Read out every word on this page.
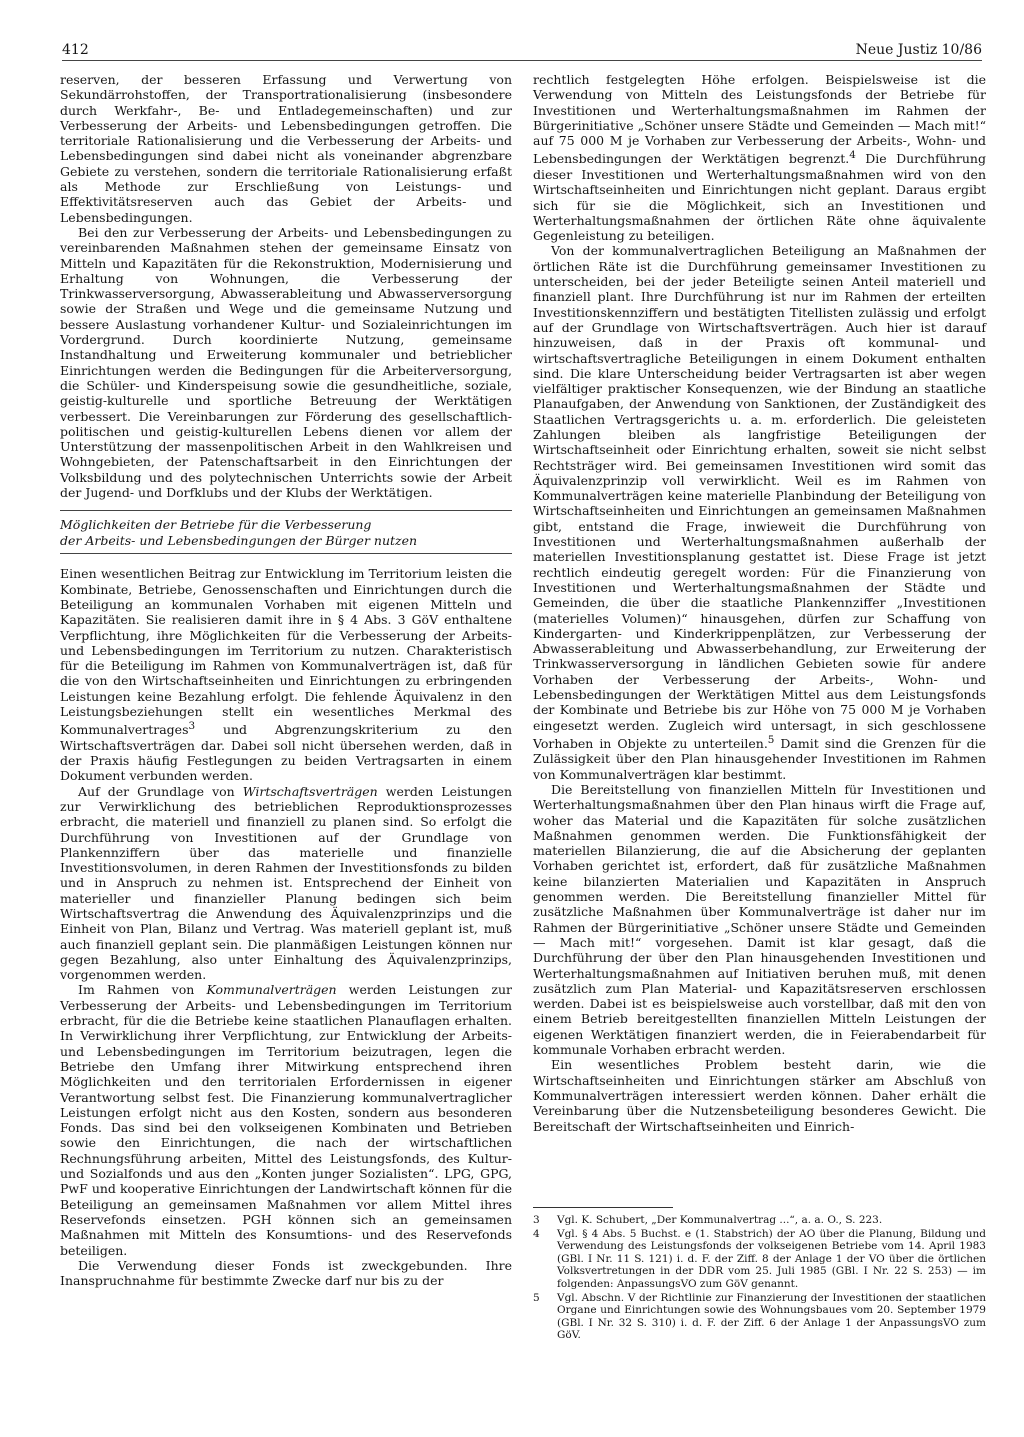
412	Neue Justiz 10/86

reserven, der besseren Erfassung und Verwertung von Sekundärrohstoffen, der Transportrationalisierung (insbesondere durch Werkfahr-, Be- und Entladegemeinschaften) und zur Verbesserung der Arbeits- und Lebensbedingungen getroffen. Die territoriale Rationalisierung und die Verbesserung der Arbeits- und Lebensbedingungen sind dabei nicht als voneinander abgrenzbare Gebiete zu verstehen, sondern die territoriale Rationalisierung erfaßt als Methode zur Erschließung von Leistungs- und Effektivitätsreserven auch das Gebiet der Arbeits- und Lebensbedingungen.

Bei den zur Verbesserung der Arbeits- und Lebensbedingungen zu vereinbarenden Maßnahmen stehen der gemeinsame Einsatz von Mitteln und Kapazitäten für die Rekonstruktion, Modernisierung und Erhaltung von Wohnungen, die Verbesserung der Trinkwasserversorgung, Abwasserableitung und Abwasserversorgung sowie der Straßen und Wege und die gemeinsame Nutzung und bessere Auslastung vorhandener Kultur- und Sozialeinrichtungen im Vordergrund. Durch koordinierte Nutzung, gemeinsame Instandhaltung und Erweiterung kommunaler und betrieblicher Einrichtungen werden die Bedingungen für die Arbeiterversorgung, die Schüler- und Kinderspeisung sowie die gesundheitliche, soziale, geistig-kulturelle und sportliche Betreuung der Werktätigen verbessert. Die Vereinbarungen zur Förderung des gesellschaftlich-politischen und geistig-kulturellen Lebens dienen vor allem der Unterstützung der massenpolitischen Arbeit in den Wahlkreisen und Wohngebieten, der Patenschaftsarbeit in den Einrichtungen der Volksbildung und des polytechnischen Unterrichts sowie der Arbeit der Jugend- und Dorfklubs und der Klubs der Werktätigen.

Möglichkeiten der Betriebe für die Verbesserung
der Arbeits- und Lebensbedingungen der Bürger nutzen

Einen wesentlichen Beitrag zur Entwicklung im Territorium leisten die Kombinate, Betriebe, Genossenschaften und Einrichtungen durch die Beteiligung an kommunalen Vorhaben mit eigenen Mitteln und Kapazitäten. Sie realisieren damit ihre in § 4 Abs. 3 GöV enthaltene Verpflichtung, ihre Möglichkeiten für die Verbesserung der Arbeits- und Lebensbedingungen im Territorium zu nutzen. Charakteristisch für die Beteiligung im Rahmen von Kommunalverträgen ist, daß für die von den Wirtschaftseinheiten und Einrichtungen zu erbringenden Leistungen keine Bezahlung erfolgt. Die fehlende Äquivalenz in den Leistungsbeziehungen stellt ein wesentliches Merkmal des Kommunalvertrages$^3$ und Abgrenzungskriterium zu den Wirtschaftsverträgen dar. Dabei soll nicht übersehen werden, daß in der Praxis häufig Festlegungen zu beiden Vertragsarten in einem Dokument verbunden werden.

Auf der Grundlage von Wirtschaftsverträgen werden Leistungen zur Verwirklichung des betrieblichen Reproduktionsprozesses erbracht, die materiell und finanziell zu planen sind. So erfolgt die Durchführung von Investitionen auf der Grundlage von Plankennziffern über das materielle und finanzielle Investitionsvolumen, in deren Rahmen der Investitionsfonds zu bilden und in Anspruch zu nehmen ist. Entsprechend der Einheit von materieller und finanzieller Planung bedingen sich beim Wirtschaftsvertrag die Anwendung des Äquivalenzprinzips und die Einheit von Plan, Bilanz und Vertrag. Was materiell geplant ist, muß auch finanziell geplant sein. Die planmäßigen Leistungen können nur gegen Bezahlung, also unter Einhaltung des Äquivalenzprinzips, vorgenommen werden.

Im Rahmen von Kommunalverträgen werden Leistungen zur Verbesserung der Arbeits- und Lebensbedingungen im Territorium erbracht, für die die Betriebe keine staatlichen Planauflagen erhalten. In Verwirklichung ihrer Verpflichtung, zur Entwicklung der Arbeits- und Lebensbedingungen im Territorium beizutragen, legen die Betriebe den Umfang ihrer Mitwirkung entsprechend ihren Möglichkeiten und den territorialen Erfordernissen in eigener Verantwortung selbst fest. Die Finanzierung kommunalvertraglicher Leistungen erfolgt nicht aus den Kosten, sondern aus besonderen Fonds. Das sind bei den volkseigenen Kombinaten und Betrieben sowie den Einrichtungen, die nach der wirtschaftlichen Rechnungsführung arbeiten, Mittel des Leistungsfonds, des Kultur- und Sozialfonds und aus den „Konten junger Sozialisten“. LPG, GPG, PwF und kooperative Einrichtungen der Landwirtschaft können für die Beteiligung an gemeinsamen Maßnahmen vor allem Mittel ihres Reservefonds einsetzen. PGH können sich an gemeinsamen Maßnahmen mit Mitteln des Konsumtions- und des Reservefonds beteiligen.

Die Verwendung dieser Fonds ist zweckgebunden. Ihre Inanspruchnahme für bestimmte Zwecke darf nur bis zu der

rechtlich festgelegten Höhe erfolgen. Beispielsweise ist die Verwendung von Mitteln des Leistungsfonds der Betriebe für Investitionen und Werterhaltungsmaßnahmen im Rahmen der Bürgerinitiative „Schöner unsere Städte und Gemeinden — Mach mit!“ auf 75 000 M je Vorhaben zur Verbesserung der Arbeits-, Wohn- und Lebensbedingungen der Werktätigen begrenzt.$^4$ Die Durchführung dieser Investitionen und Werterhaltungsmaßnahmen wird von den Wirtschaftseinheiten und Einrichtungen nicht geplant. Daraus ergibt sich für sie die Möglichkeit, sich an Investitionen und Werterhaltungsmaßnahmen der örtlichen Räte ohne äquivalente Gegenleistung zu beteiligen.

Von der kommunalvertraglichen Beteiligung an Maßnahmen der örtlichen Räte ist die Durchführung gemeinsamer Investitionen zu unterscheiden, bei der jeder Beteiligte seinen Anteil materiell und finanziell plant. Ihre Durchführung ist nur im Rahmen der erteilten Investitionskennziffern und bestätigten Titellisten zulässig und erfolgt auf der Grundlage von Wirtschaftsverträgen. Auch hier ist darauf hinzuweisen, daß in der Praxis oft kommunal- und wirtschaftsvertragliche Beteiligungen in einem Dokument enthalten sind. Die klare Unterscheidung beider Vertragsarten ist aber wegen vielfältiger praktischer Konsequenzen, wie der Bindung an staatliche Planaufgaben, der Anwendung von Sanktionen, der Zuständigkeit des Staatlichen Vertragsgerichts u. a. m. erforderlich. Die geleisteten Zahlungen bleiben als langfristige Beteiligungen der Wirtschaftseinheit oder Einrichtung erhalten, soweit sie nicht selbst Rechtsträger wird. Bei gemeinsamen Investitionen wird somit das Äquivalenzprinzip voll verwirklicht. Weil es im Rahmen von Kommunalverträgen keine materielle Planbindung der Beteiligung von Wirtschaftseinheiten und Einrichtungen an gemeinsamen Maßnahmen gibt, entstand die Frage, inwieweit die Durchführung von Investitionen und Werterhaltungsmaßnahmen außerhalb der materiellen Investitionsplanung gestattet ist. Diese Frage ist jetzt rechtlich eindeutig geregelt worden: Für die Finanzierung von Investitionen und Werterhaltungsmaßnahmen der Städte und Gemeinden, die über die staatliche Plankennziffer „Investitionen (materielles Volumen)“ hinausgehen, dürfen zur Schaffung von Kindergarten- und Kinderkrippenplätzen, zur Verbesserung der Abwasserableitung und Abwasserbehandlung, zur Erweiterung der Trinkwasserversorgung in ländlichen Gebieten sowie für andere Vorhaben der Verbesserung der Arbeits-, Wohn- und Lebensbedingungen der Werktätigen Mittel aus dem Leistungsfonds der Kombinate und Betriebe bis zur Höhe von 75 000 M je Vorhaben eingesetzt werden. Zugleich wird untersagt, in sich geschlossene Vorhaben in Objekte zu unterteilen.$^5$ Damit sind die Grenzen für die Zulässigkeit über den Plan hinausgehender Investitionen im Rahmen von Kommunalverträgen klar bestimmt.

Die Bereitstellung von finanziellen Mitteln für Investitionen und Werterhaltungsmaßnahmen über den Plan hinaus wirft die Frage auf, woher das Material und die Kapazitäten für solche zusätzlichen Maßnahmen genommen werden. Die Funktionsfähigkeit der materiellen Bilanzierung, die auf die Absicherung der geplanten Vorhaben gerichtet ist, erfordert, daß für zusätzliche Maßnahmen keine bilanzierten Materialien und Kapazitäten in Anspruch genommen werden. Die Bereitstellung finanzieller Mittel für zusätzliche Maßnahmen über Kommunalverträge ist daher nur im Rahmen der Bürgerinitiative „Schöner unsere Städte und Gemeinden — Mach mit!“ vorgesehen. Damit ist klar gesagt, daß die Durchführung der über den Plan hinausgehenden Investitionen und Werterhaltungsmaßnahmen auf Initiativen beruhen muß, mit denen zusätzlich zum Plan Material- und Kapazitätsreserven erschlossen werden. Dabei ist es beispielsweise auch vorstellbar, daß mit den von einem Betrieb bereitgestellten finanziellen Mitteln Leistungen der eigenen Werktätigen finanziert werden, die in Feierabendarbeit für kommunale Vorhaben erbracht werden.

Ein wesentliches Problem besteht darin, wie die Wirtschaftseinheiten und Einrichtungen stärker am Abschluß von Kommunalverträgen interessiert werden können. Daher erhält die Vereinbarung über die Nutzensbeteiligung besonderes Gewicht. Die Bereitschaft der Wirtschaftseinheiten und Einrich-

3	Vgl. K. Schubert, „Der Kommunalvertrag ...“, a. a. O., S. 223.
4	Vgl. § 4 Abs. 5 Buchst. e (1. Stabstrich) der AO über die Planung, Bildung und Verwendung des Leistungsfonds der volkseigenen Betriebe vom 14. April 1983 (GBl. I Nr. 11 S. 121) i. d. F. der Ziff. 8 der Anlage 1 der VO über die örtlichen Volksvertretungen in der DDR vom 25. Juli 1985 (GBl. I Nr. 22 S. 253) — im folgenden: AnpassungsVO zum GöV genannt.
5	Vgl. Abschn. V der Richtlinie zur Finanzierung der Investitionen der staatlichen Organe und Einrichtungen sowie des Wohnungsbaues vom 20. September 1979 (GBl. I Nr. 32 S. 310) i. d. F. der Ziff. 6 der Anlage 1 der AnpassungsVO zum GöV.
